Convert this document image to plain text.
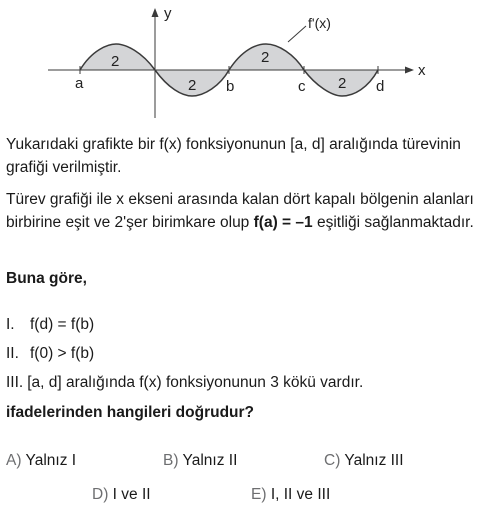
y
x
f'(x)
a	b	c	d
2
2
2
2

Yukarıdaki grafikte bir f(x) fonksiyonunun [a, d] aralığında türevinin grafiği verilmiştir.

Türev grafiği ile x ekseni arasında kalan dört kapalı bölgenin alanları birbirine eşit ve 2'şer birimkare olup f(a) = –1 eşitliği sağlanmaktadır.

Buna göre,

I. f(d) = f(b)
II. f(0) > f(b)
III. [a, d] aralığında f(x) fonksiyonunun 3 kökü vardır.

ifadelerinden hangileri doğrudur?

A) Yalnız I	B) Yalnız II	C) Yalnız III
D) I ve II	E) I, II ve III
